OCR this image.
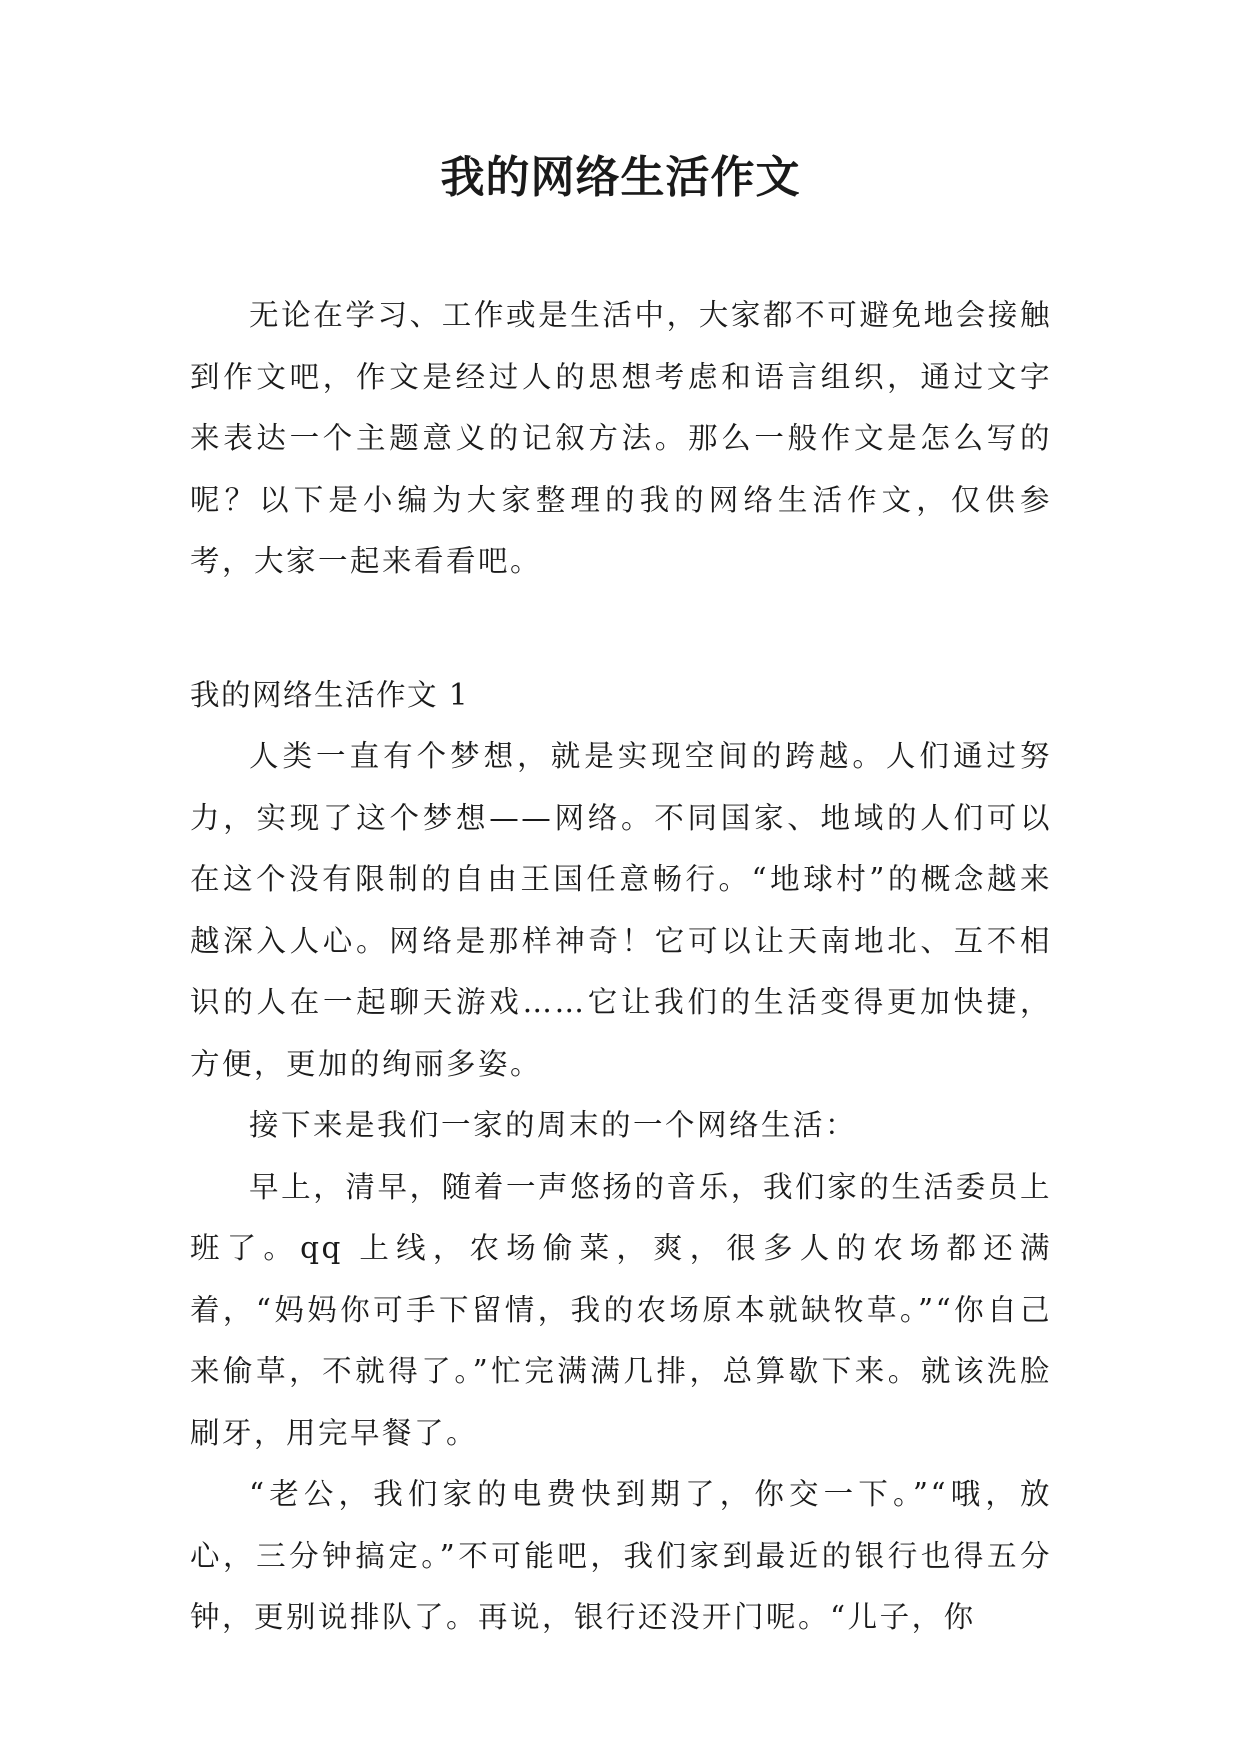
我的网络生活作文

无论在学习、工作或是生活中，大家都不可避免地会接触到作文吧，作文是经过人的思想考虑和语言组织，通过文字来表达一个主题意义的记叙方法。那么一般作文是怎么写的呢？以下是小编为大家整理的我的网络生活作文，仅供参考，大家一起来看看吧。

我的网络生活作文 1

人类一直有个梦想，就是实现空间的跨越。人们通过努力，实现了这个梦想——网络。不同国家、地域的人们可以在这个没有限制的自由王国任意畅行。“地球村”的概念越来越深入人心。网络是那样神奇！它可以让天南地北、互不相识的人在一起聊天游戏……它让我们的生活变得更加快捷，方便，更加的绚丽多姿。

接下来是我们一家的周末的一个网络生活：

早上，清早，随着一声悠扬的音乐，我们家的生活委员上班了。qq 上线，农场偷菜，爽，很多人的农场都还满着，“妈妈你可手下留情，我的农场原本就缺牧草。”“你自己来偷草，不就得了。”忙完满满几排，总算歇下来。就该洗脸刷牙，用完早餐了。

“老公，我们家的电费快到期了，你交一下。”“哦，放心，三分钟搞定。”不可能吧，我们家到最近的银行也得五分钟，更别说排队了。再说，银行还没开门呢。“儿子，你
